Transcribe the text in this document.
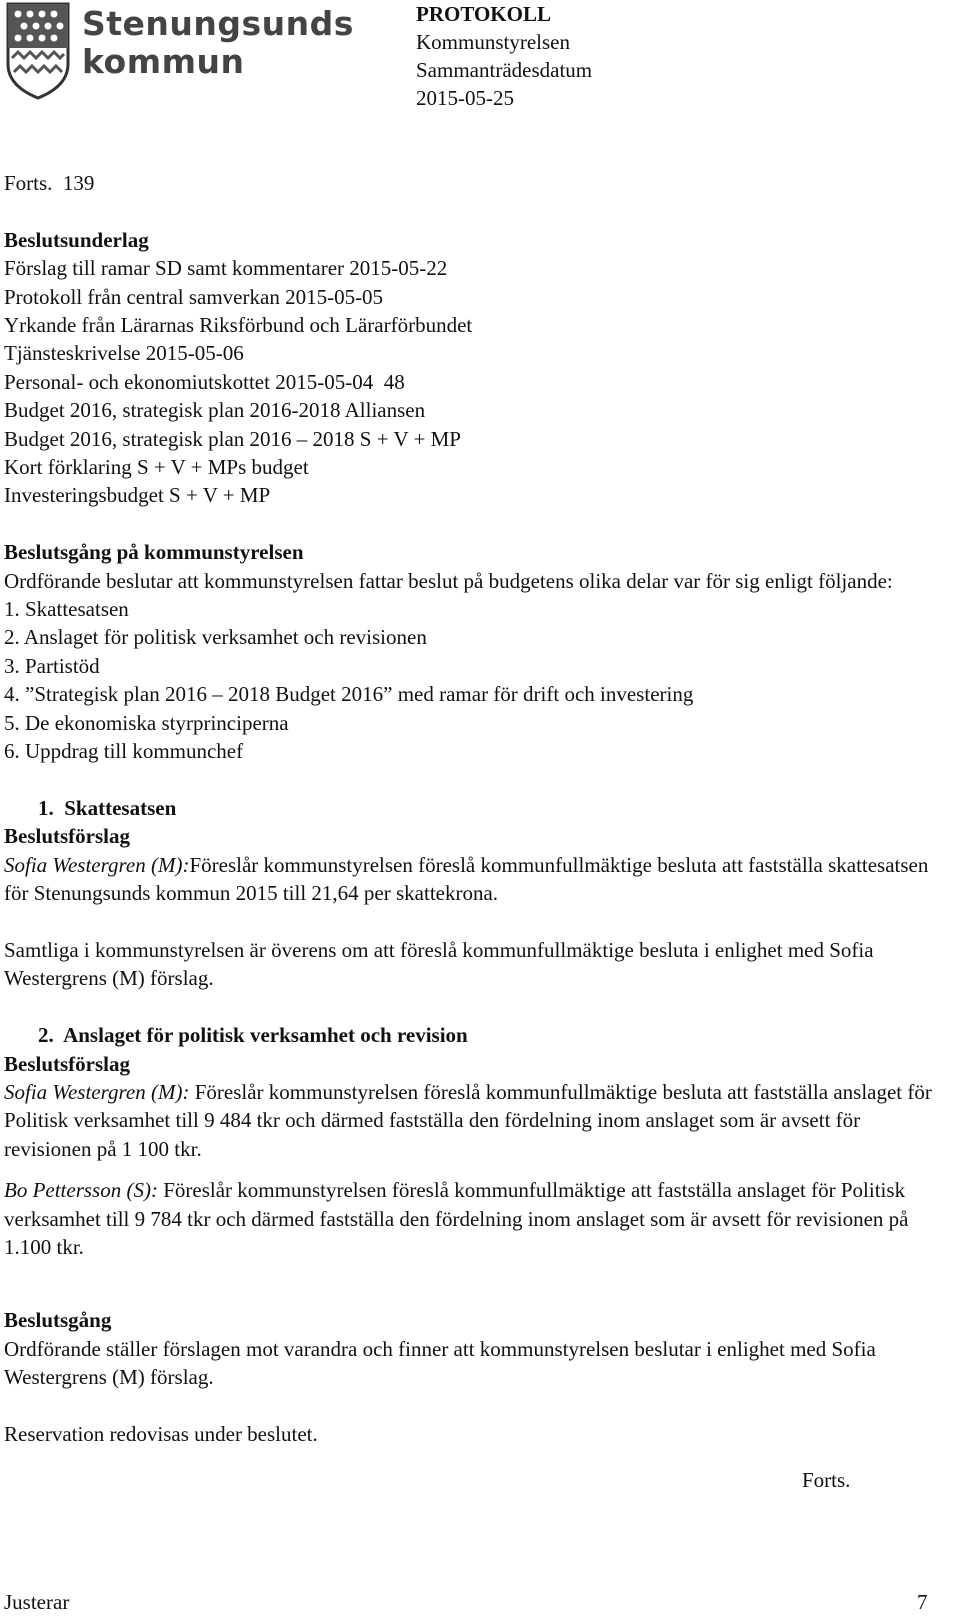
Stenungsunds
kommun
PROTOKOLL
Kommunstyrelsen
Sammanträdesdatum
2015-05-25

Forts.  139

Beslutsunderlag

Förslag till ramar SD samt kommentarer 2015-05-22

Protokoll från central samverkan 2015-05-05

Yrkande från Lärarnas Riksförbund och Lärarförbundet

Tjänsteskrivelse 2015-05-06

Personal- och ekonomiutskottet 2015-05-04  48

Budget 2016, strategisk plan 2016-2018 Alliansen

Budget 2016, strategisk plan 2016 – 2018 S + V + MP

Kort förklaring S + V + MPs budget

Investeringsbudget S + V + MP

Beslutsgång på kommunstyrelsen

Ordförande beslutar att kommunstyrelsen fattar beslut på budgetens olika delar var för sig enligt följande:

1. Skattesatsen

2. Anslaget för politisk verksamhet och revisionen

3. Partistöd

4. ”Strategisk plan 2016 – 2018 Budget 2016” med ramar för drift och investering

5. De ekonomiska styrprinciperna

6. Uppdrag till kommunchef

1.  Skattesatsen

Beslutsförslag

Sofia Westergren (M):Föreslår kommunstyrelsen föreslå kommunfullmäktige besluta att fastställa skattesatsen för Stenungsunds kommun 2015 till 21,64 per skattekrona.

Samtliga i kommunstyrelsen är överens om att föreslå kommunfullmäktige besluta i enlighet med Sofia Westergrens (M) förslag.

2.  Anslaget för politisk verksamhet och revision

Beslutsförslag

Sofia Westergren (M): Föreslår kommunstyrelsen föreslå kommunfullmäktige besluta att fastställa anslaget för Politisk verksamhet till 9 484 tkr och därmed fastställa den fördelning inom anslaget som är avsett för revisionen på 1 100 tkr.

Bo Pettersson (S): Föreslår kommunstyrelsen föreslå kommunfullmäktige att fastställa anslaget för Politisk verksamhet till 9 784 tkr och därmed fastställa den fördelning inom anslaget som är avsett för revisionen på 1.100 tkr.

Beslutsgång

Ordförande ställer förslagen mot varandra och finner att kommunstyrelsen beslutar i enlighet med Sofia Westergrens (M) förslag.

Reservation redovisas under beslutet.

Forts.
Justerar	7
